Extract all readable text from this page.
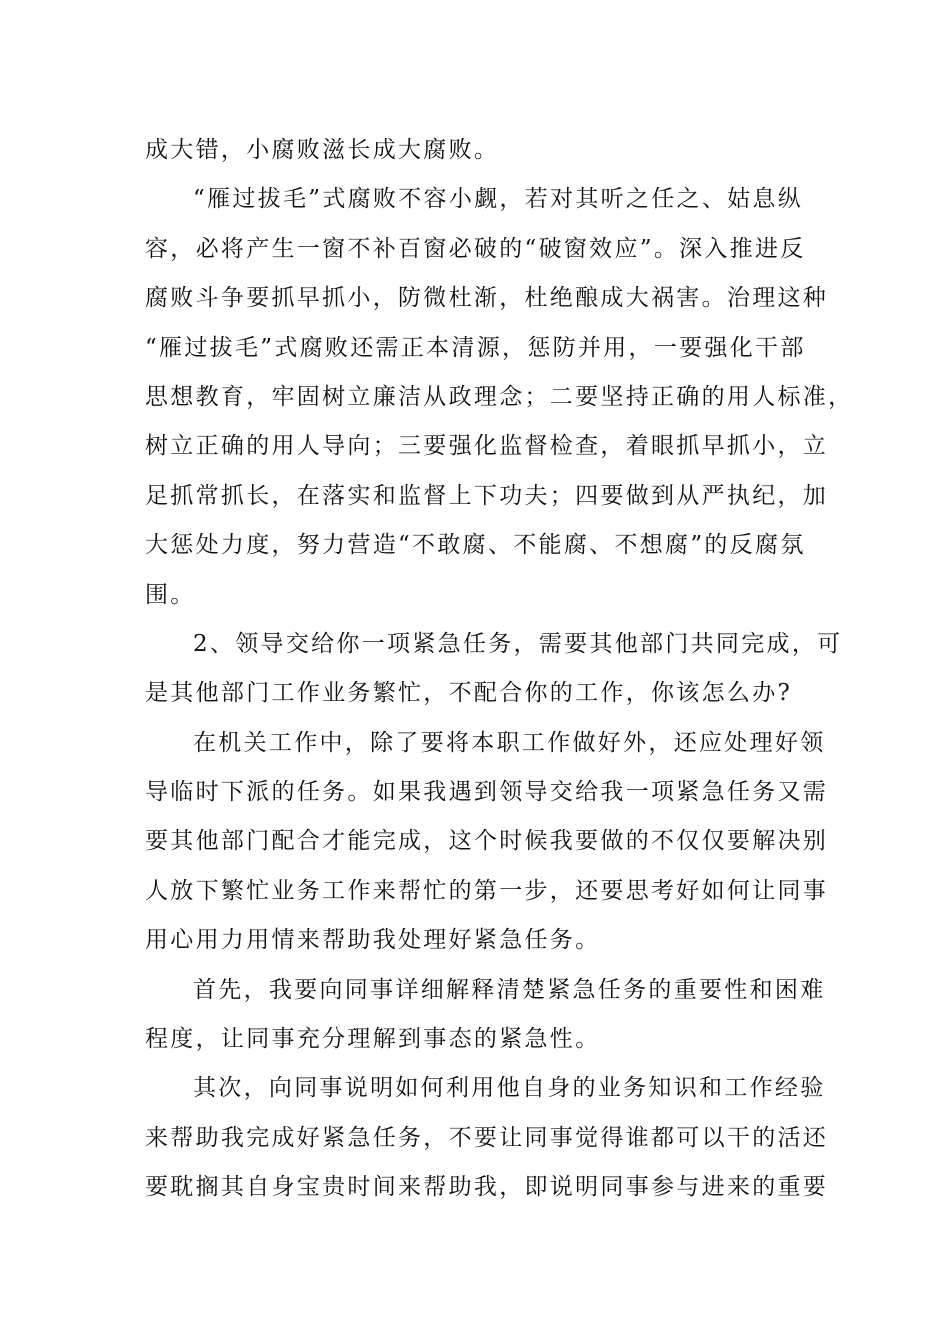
成大错，小腐败滋长成大腐败。
“雁过拔毛”式腐败不容小觑，若对其听之任之、姑息纵
容，必将产生一窗不补百窗必破的“破窗效应”。深入推进反
腐败斗争要抓早抓小，防微杜渐，杜绝酿成大祸害。治理这种
“雁过拔毛”式腐败还需正本清源，惩防并用，一要强化干部
思想教育，牢固树立廉洁从政理念；二要坚持正确的用人标准，
树立正确的用人导向；三要强化监督检查，着眼抓早抓小，立
足抓常抓长，在落实和监督上下功夫；四要做到从严执纪，加
大惩处力度，努力营造“不敢腐、不能腐、不想腐”的反腐氛
围。
2、领导交给你一项紧急任务，需要其他部门共同完成，可
是其他部门工作业务繁忙，不配合你的工作，你该怎么办?
在机关工作中，除了要将本职工作做好外，还应处理好领
导临时下派的任务。如果我遇到领导交给我一项紧急任务又需
要其他部门配合才能完成，这个时候我要做的不仅仅要解决别
人放下繁忙业务工作来帮忙的第一步，还要思考好如何让同事
用心用力用情来帮助我处理好紧急任务。
首先，我要向同事详细解释清楚紧急任务的重要性和困难
程度，让同事充分理解到事态的紧急性。
其次，向同事说明如何利用他自身的业务知识和工作经验
来帮助我完成好紧急任务，不要让同事觉得谁都可以干的活还
要耽搁其自身宝贵时间来帮助我，即说明同事参与进来的重要
